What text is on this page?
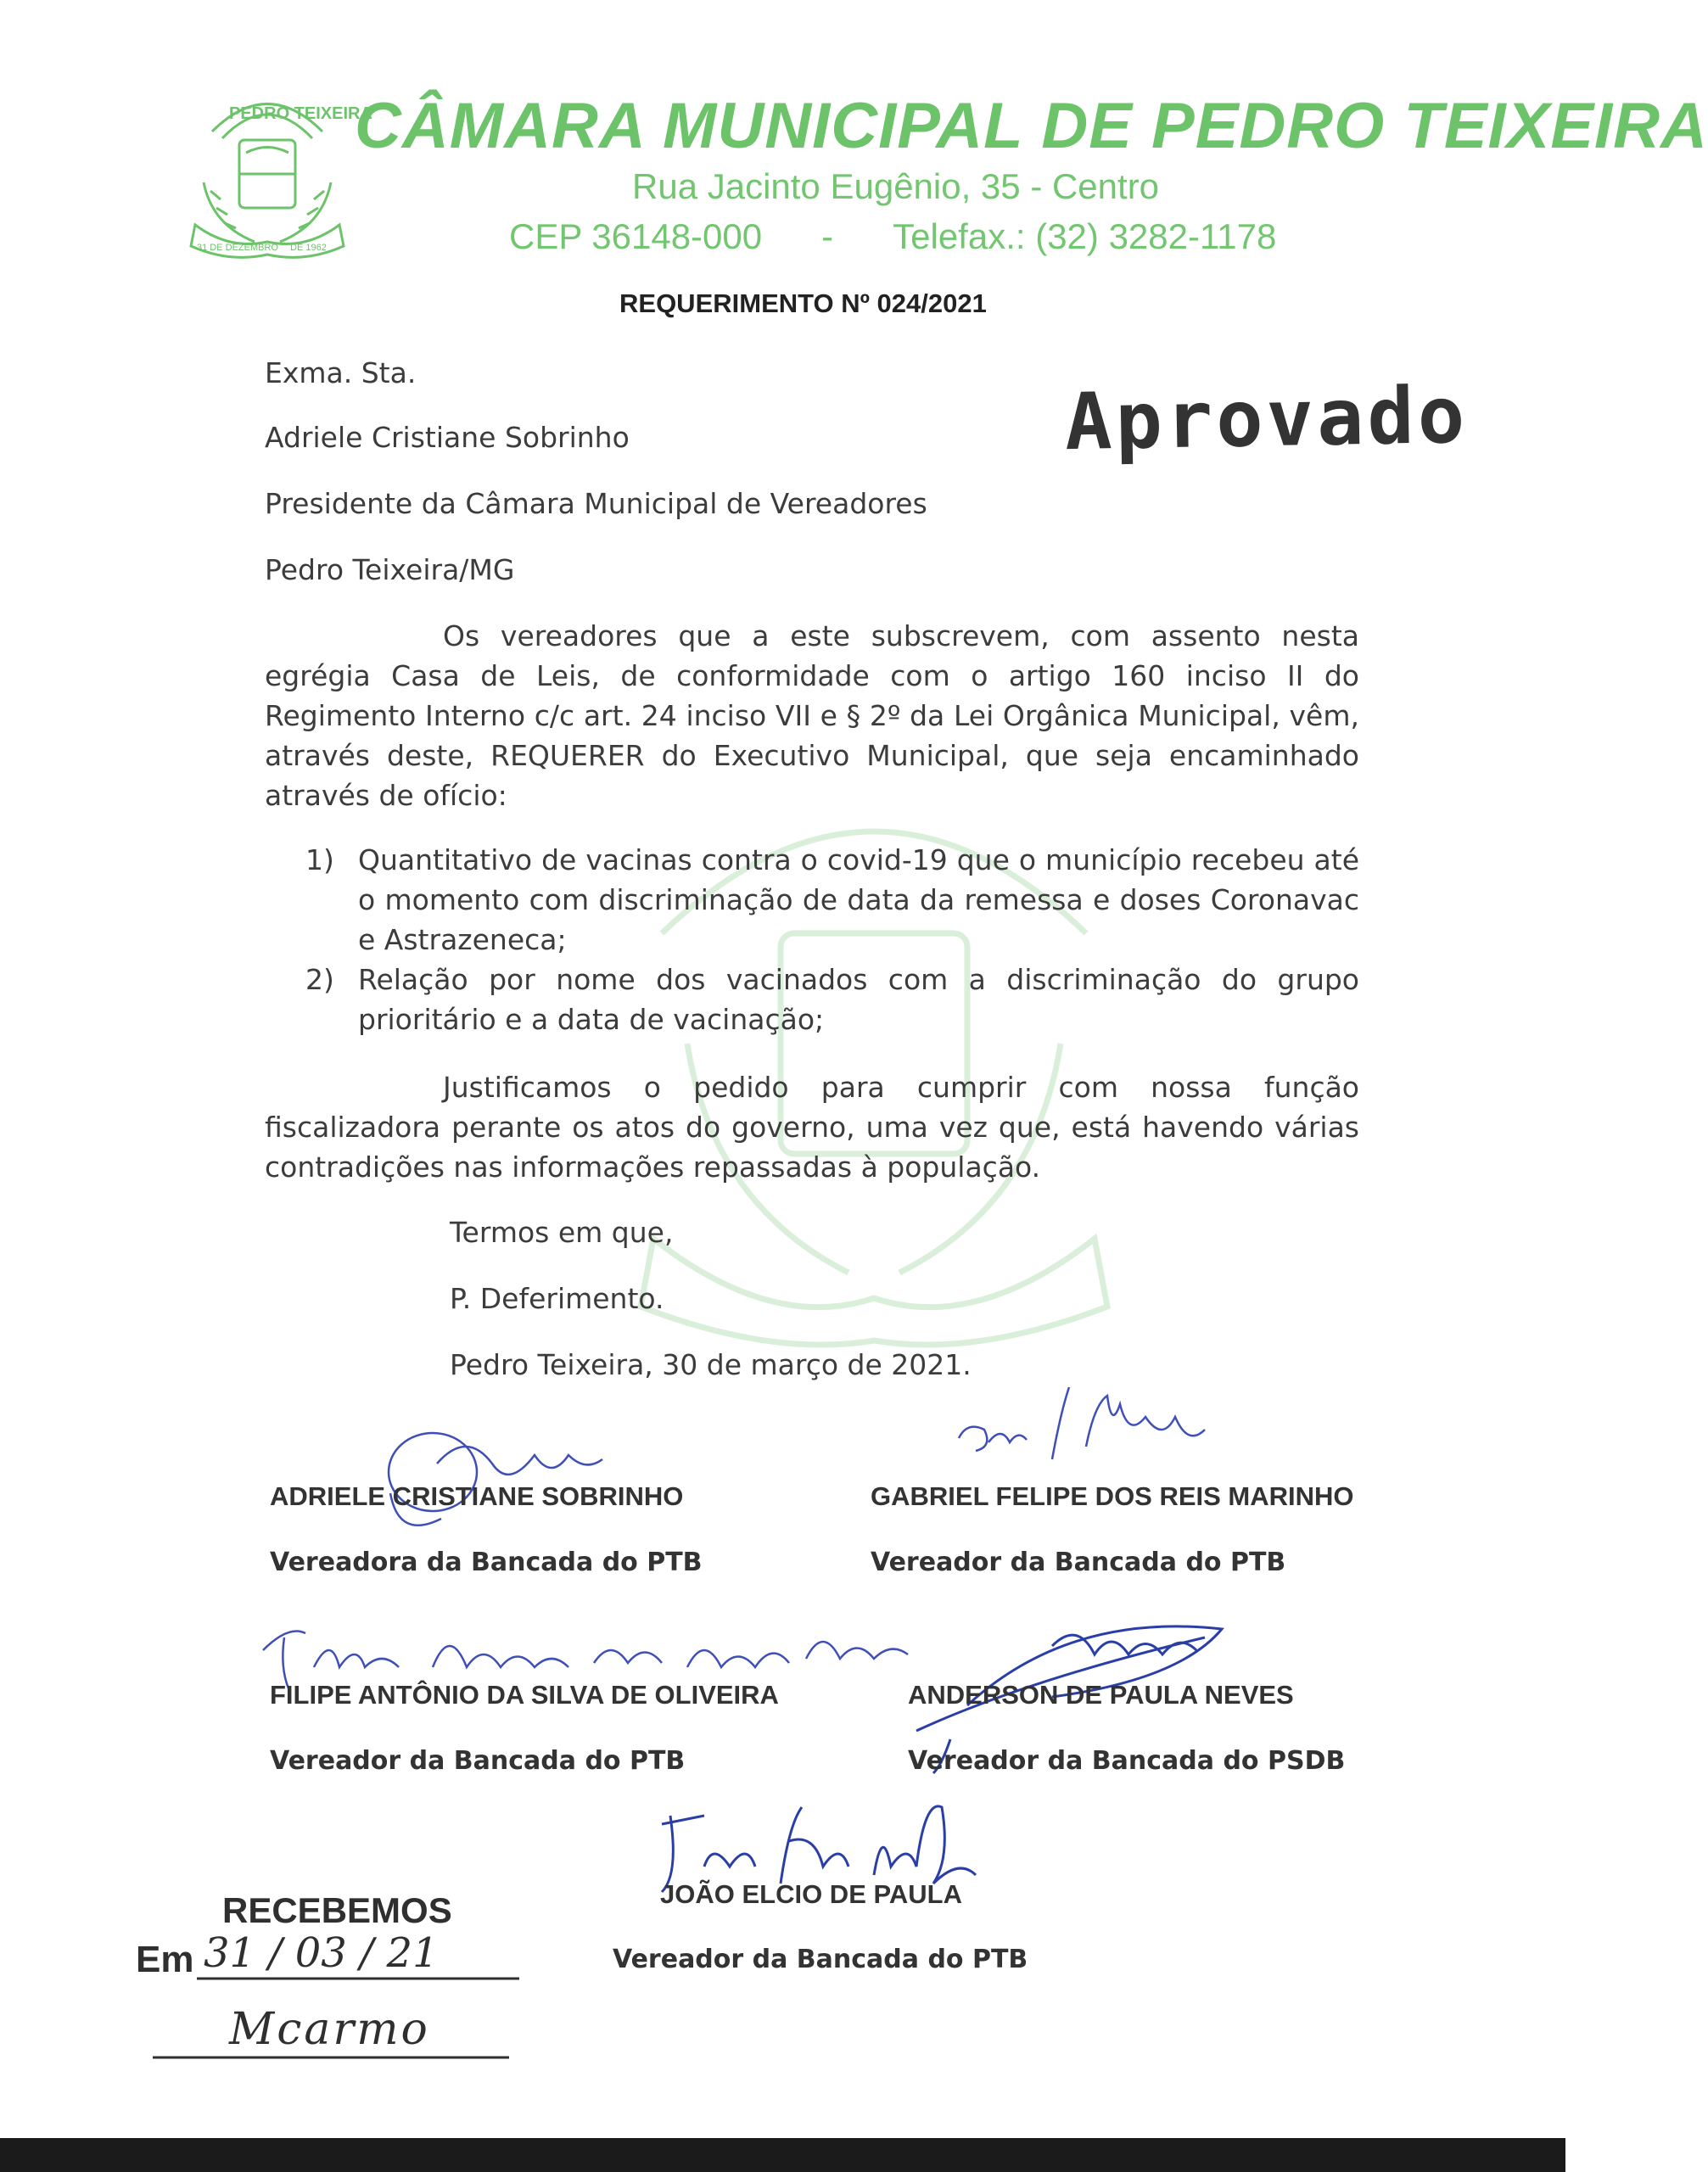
PEDRO TEIXEIRA
31 DE DEZEMBRO DE 1962
CÂMARA MUNICIPAL DE PEDRO TEIXEIRA
Rua Jacinto Eugênio, 35 - Centro
CEP 36148-000 - Telefax.: (32) 3282-1178
REQUERIMENTO Nº 024/2021
Aprovado
Exma. Sta.
Adriele Cristiane Sobrinho
Presidente da Câmara Municipal de Vereadores
Pedro Teixeira/MG
Os vereadores que a este subscrevem, com assento nesta egrégia Casa de Leis, de conformidade com o artigo 160 inciso II do Regimento Interno c/c art. 24 inciso VII e § 2º da Lei Orgânica Municipal, vêm, através deste, REQUERER do Executivo Municipal, que seja encaminhado através de ofício:
1) Quantitativo de vacinas contra o covid-19 que o município recebeu até o momento com discriminação de data da remessa e doses Coronavac e Astrazeneca;
2) Relação por nome dos vacinados com a discriminação do grupo prioritário e a data de vacinação;
Justificamos o pedido para cumprir com nossa função fiscalizadora perante os atos do governo, uma vez que, está havendo várias contradições nas informações repassadas à população.
Termos em que,
P. Deferimento.
Pedro Teixeira, 30 de março de 2021.
ADRIELE CRISTIANE SOBRINHO
Vereadora da Bancada do PTB
GABRIEL FELIPE DOS REIS MARINHO
Vereador da Bancada do PTB
FILIPE ANTÔNIO DA SILVA DE OLIVEIRA
Vereador da Bancada do PTB
ANDERSON DE PAULA NEVES
Vereador da Bancada do PSDB
JOÃO ELCIO DE PAULA
Vereador da Bancada do PTB
RECEBEMOS
Em 31 / 03 / 21
Mcarmo
